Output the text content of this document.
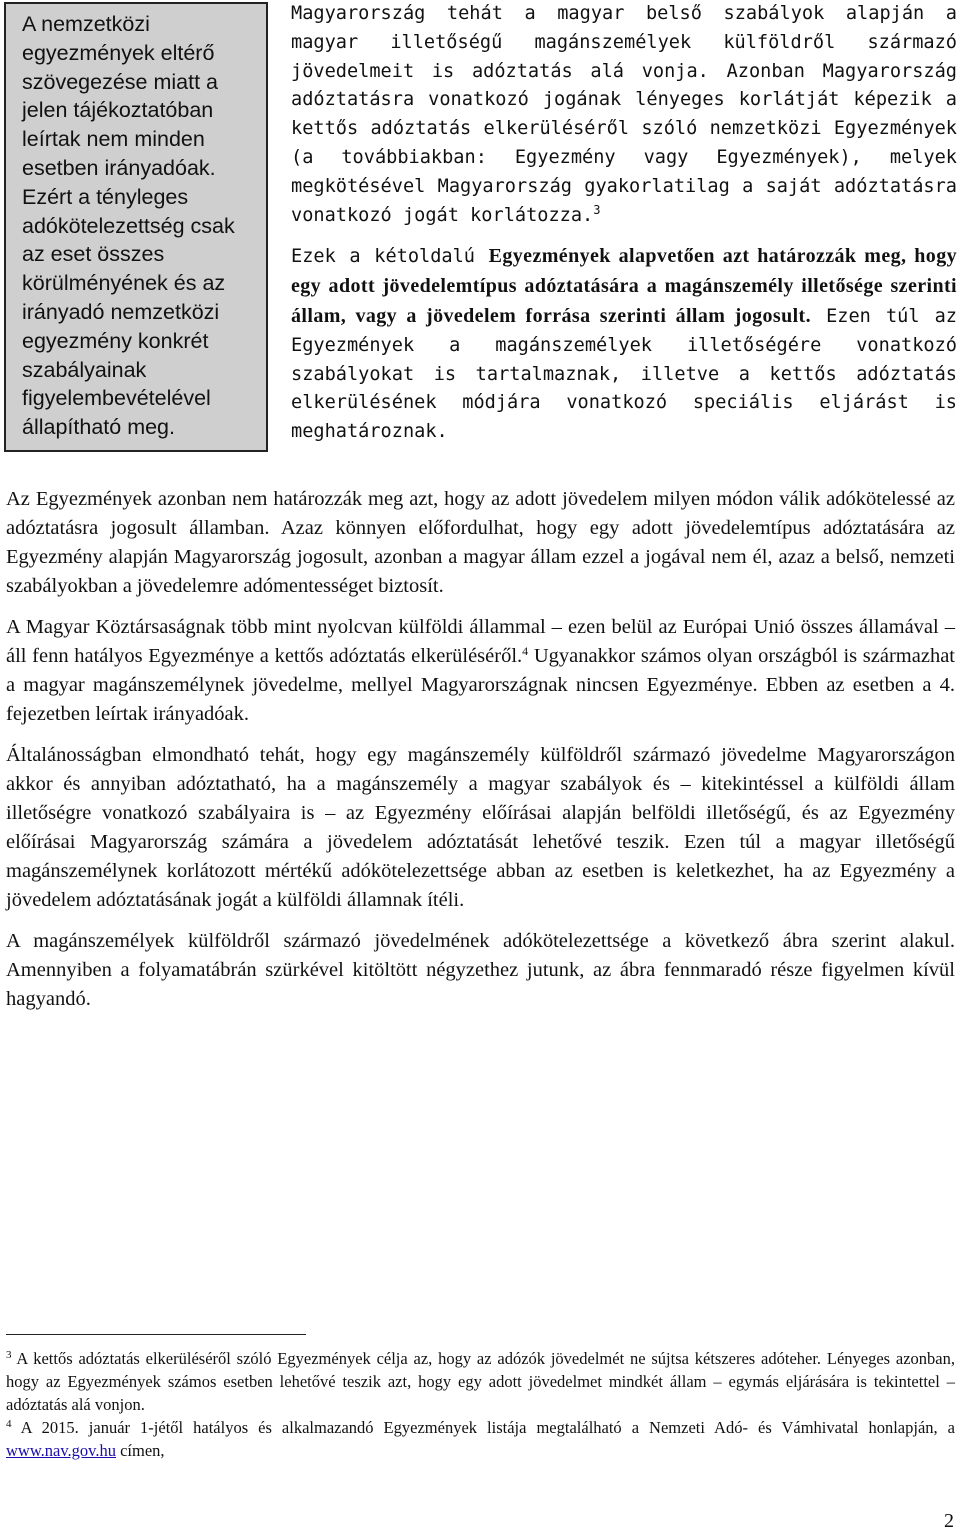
A nemzetközi egyezmények eltérő szövegezése miatt a jelen tájékoztatóban leírtak nem minden esetben irányadóak. Ezért a tényleges adókötelezettség csak az eset összes körülményének és az irányadó nemzetközi egyezmény konkrét szabályainak figyelembevételével állapítható meg.

Magyarország tehát a magyar belső szabályok alapján a magyar illetőségű magánszemélyek külföldről származó jövedelmeit is adóztatás alá vonja. Azonban Magyarország adóztatásra vonatkozó jogának lényeges korlátját képezik a kettős adóztatás elkerüléséről szóló nemzetközi Egyezmények (a továbbiakban: Egyezmény vagy Egyezmények), melyek megkötésével Magyarország gyakorlatilag a saját adóztatásra vonatkozó jogát korlátozza.$^3$

Ezek a kétoldalú Egyezmények alapvetően azt határozzák meg, hogy egy adott jövedelemtípus adóztatására a magánszemély illetősége szerinti állam, vagy a jövedelem forrása szerinti állam jogosult. Ezen túl az Egyezmények a magánszemélyek illetőségére vonatkozó szabályokat is tartalmaznak, illetve a kettős adóztatás elkerülésének módjára vonatkozó speciális eljárást is meghatároznak.

Az Egyezmények azonban nem határozzák meg azt, hogy az adott jövedelem milyen módon válik adókötelessé az adóztatásra jogosult államban. Azaz könnyen előfordulhat, hogy egy adott jövedelemtípus adóztatására az Egyezmény alapján Magyarország jogosult, azonban a magyar állam ezzel a jogával nem él, azaz a belső, nemzeti szabályokban a jövedelemre adómentességet biztosít.

A Magyar Köztársaságnak több mint nyolcvan külföldi állammal – ezen belül az Európai Unió összes államával – áll fenn hatályos Egyezménye a kettős adóztatás elkerüléséről.$^4$ Ugyanakkor számos olyan országból is származhat a magyar magánszemélynek jövedelme, mellyel Magyarországnak nincsen Egyezménye. Ebben az esetben a 4. fejezetben leírtak irányadóak.

Általánosságban elmondható tehát, hogy egy magánszemély külföldről származó jövedelme Magyarországon akkor és annyiban adóztatható, ha a magánszemély a magyar szabályok és – kitekintéssel a külföldi állam illetőségre vonatkozó szabályaira is – az Egyezmény előírásai alapján belföldi illetőségű, és az Egyezmény előírásai Magyarország számára a jövedelem adóztatását lehetővé teszik. Ezen túl a magyar illetőségű magánszemélynek korlátozott mértékű adókötelezettsége abban az esetben is keletkezhet, ha az Egyezmény a jövedelem adóztatásának jogát a külföldi államnak ítéli.

A magánszemélyek külföldről származó jövedelmének adókötelezettsége a következő ábra szerint alakul. Amennyiben a folyamatábrán szürkével kitöltött négyzethez jutunk, az ábra fennmaradó része figyelmen kívül hagyandó.

$^3$ A kettős adóztatás elkerüléséről szóló Egyezmények célja az, hogy az adózók jövedelmét ne sújtsa kétszeres adóteher. Lényeges azonban, hogy az Egyezmények számos esetben lehetővé teszik azt, hogy egy adott jövedelmet mindkét állam – egymás eljárására is tekintettel – adóztatás alá vonjon.

$^4$ A 2015. január 1-jétől hatályos és alkalmazandó Egyezmények listája megtalálható a Nemzeti Adó- és Vámhivatal honlapján, a www.nav.gov.hu címen,

2
